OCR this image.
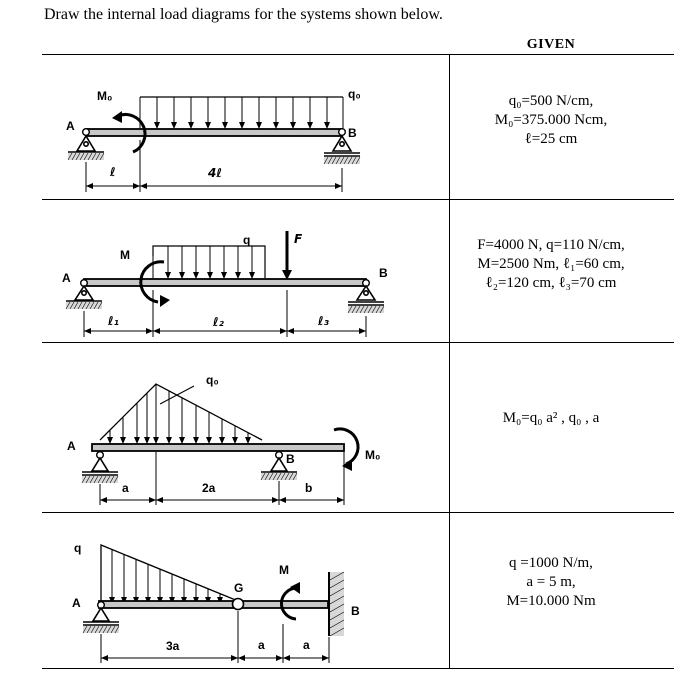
Draw the internal load diagrams for the systems shown below.
GIVEN
A	B
M₀	q₀
ℓ	4ℓ
q₀=500 N/cm,
M₀=375.000 Ncm,
ℓ=25 cm
A	B
M
q	F
ℓ₁	ℓ₂	ℓ₃
F=4000 N, q=110 N/cm,
M=2500 Nm, ℓ₁=60 cm,
ℓ₂=120 cm, ℓ₃=70 cm
A
B	M₀
q₀
a	2a	b
M₀=q₀ a² , q₀ , a
A
B
G
M
q
3a	a	a
q =1000 N/m,
a = 5 m,
M=10.000 Nm
